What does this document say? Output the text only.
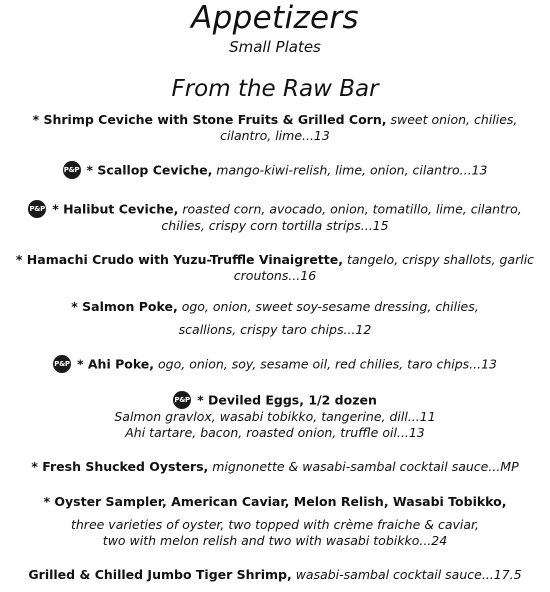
Appetizers
Small Plates
From the Raw Bar
* Shrimp Ceviche with Stone Fruits & Grilled Corn, sweet onion, chilies,
cilantro, lime...13
P&P * Scallop Ceviche, mango-kiwi-relish, lime, onion, cilantro...13
P&P * Halibut Ceviche, roasted corn, avocado, onion, tomatillo, lime, cilantro,
chilies, crispy corn tortilla strips...15
* Hamachi Crudo with Yuzu-Truffle Vinaigrette, tangelo, crispy shallots, garlic
croutons...16
* Salmon Poke, ogo, onion, sweet soy-sesame dressing, chilies,
scallions, crispy taro chips...12
P&P * Ahi Poke, ogo, onion, soy, sesame oil, red chilies, taro chips...13
P&P * Deviled Eggs, 1/2 dozen
Salmon gravlox, wasabi tobikko, tangerine, dill...11
Ahi tartare, bacon, roasted onion, truffle oil...13
* Fresh Shucked Oysters, mignonette & wasabi-sambal cocktail sauce...MP
* Oyster Sampler, American Caviar, Melon Relish, Wasabi Tobikko,
three varieties of oyster, two topped with crème fraiche & caviar,
two with melon relish and two with wasabi tobikko...24
Grilled & Chilled Jumbo Tiger Shrimp, wasabi-sambal cocktail sauce...17.5
